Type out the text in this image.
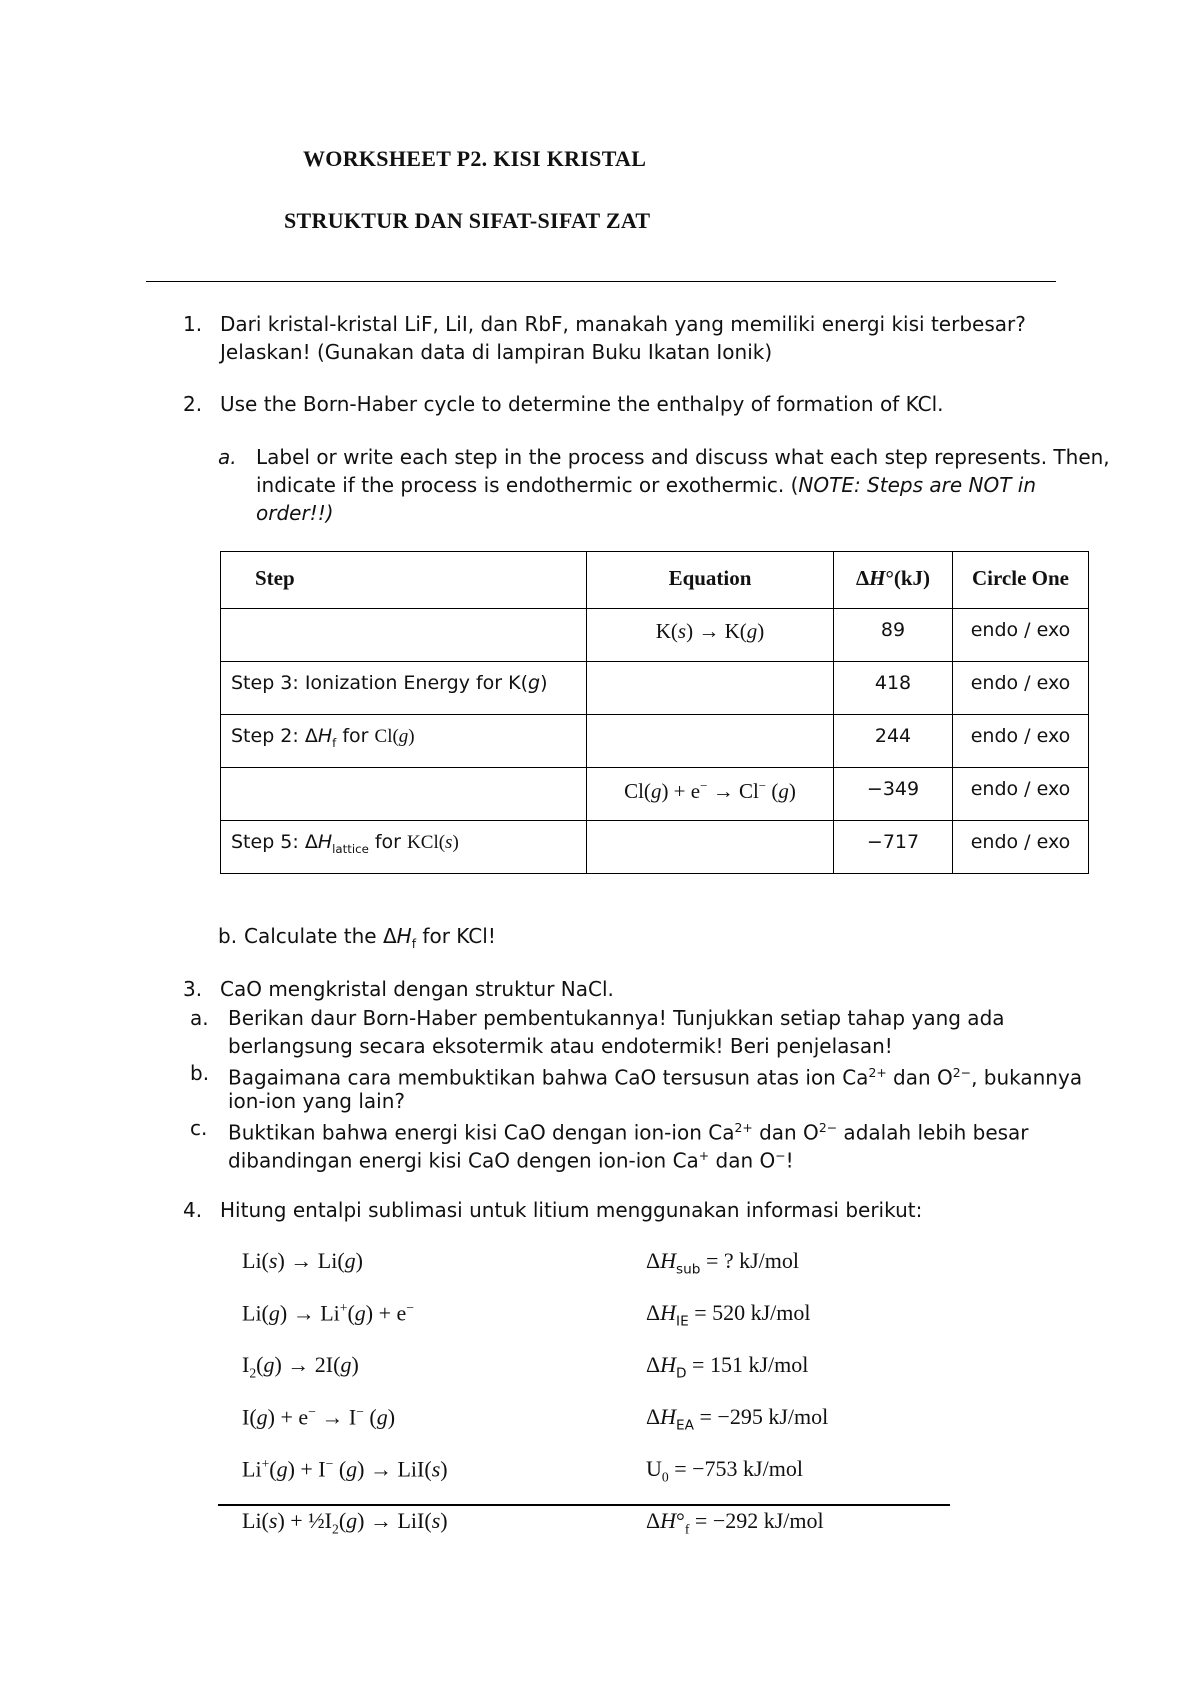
WORKSHEET P2. KISI KRISTAL
STRUKTUR DAN SIFAT-SIFAT ZAT
1. Dari kristal-kristal LiF, LiI, dan RbF, manakah yang memiliki energi kisi terbesar?
Jelaskan! (Gunakan data di lampiran Buku Ikatan Ionik)
2. Use the Born-Haber cycle to determine the enthalpy of formation of KCl.
a. Label or write each step in the process and discuss what each step represents. Then,
indicate if the process is endothermic or exothermic. (NOTE: Steps are NOT in
order!!)
Step	Equation	ΔH°(kJ)	Circle One
	K(s) → K(g)	89	endo / exo
Step 3: Ionization Energy for K(g)		418	endo / exo
Step 2: $\Delta H_f$ for Cl(g)		244	endo / exo
	Cl(g) + e− → Cl− (g)	−349	endo / exo
Step 5: $\Delta H_{lattice}$ for KCl(s)		−717	endo / exo
b. Calculate the $\Delta H_f$ for KCl!
3. CaO mengkristal dengan struktur NaCl.
a. Berikan daur Born-Haber pembentukannya! Tunjukkan setiap tahap yang ada
berlangsung secara eksotermik atau endotermik! Beri penjelasan!
b. Bagaimana cara membuktikan bahwa CaO tersusun atas ion $Ca^{2+}$ dan $O^{2-}$, bukannya
ion-ion yang lain?
c. Buktikan bahwa energi kisi CaO dengan ion-ion $Ca^{2+}$ dan $O^{2-}$ adalah lebih besar
dibandingan energi kisi CaO dengen ion-ion Ca+ dan O−!
4. Hitung entalpi sublimasi untuk litium menggunakan informasi berikut:
Li(s) → Li(g)	$\Delta H_{sub}$ = ? kJ/mol
Li(g) → Li+(g) + e−	$\Delta H_{IE} = 520$ kJ/mol
$I_2(g) \to 2I(g)$	$\Delta H_D = 151$ kJ/mol
I(g) + e− → I− (g)	$\Delta H_{EA} = -295$ kJ/mol
Li+(g) + I− (g) → LiI(s)	$U_0 = -753$ kJ/mol
$Li(s) + \frac{1}{2}I_2(g) \to LiI(s)$	$\Delta H^\circ_f = -292$ kJ/mol
